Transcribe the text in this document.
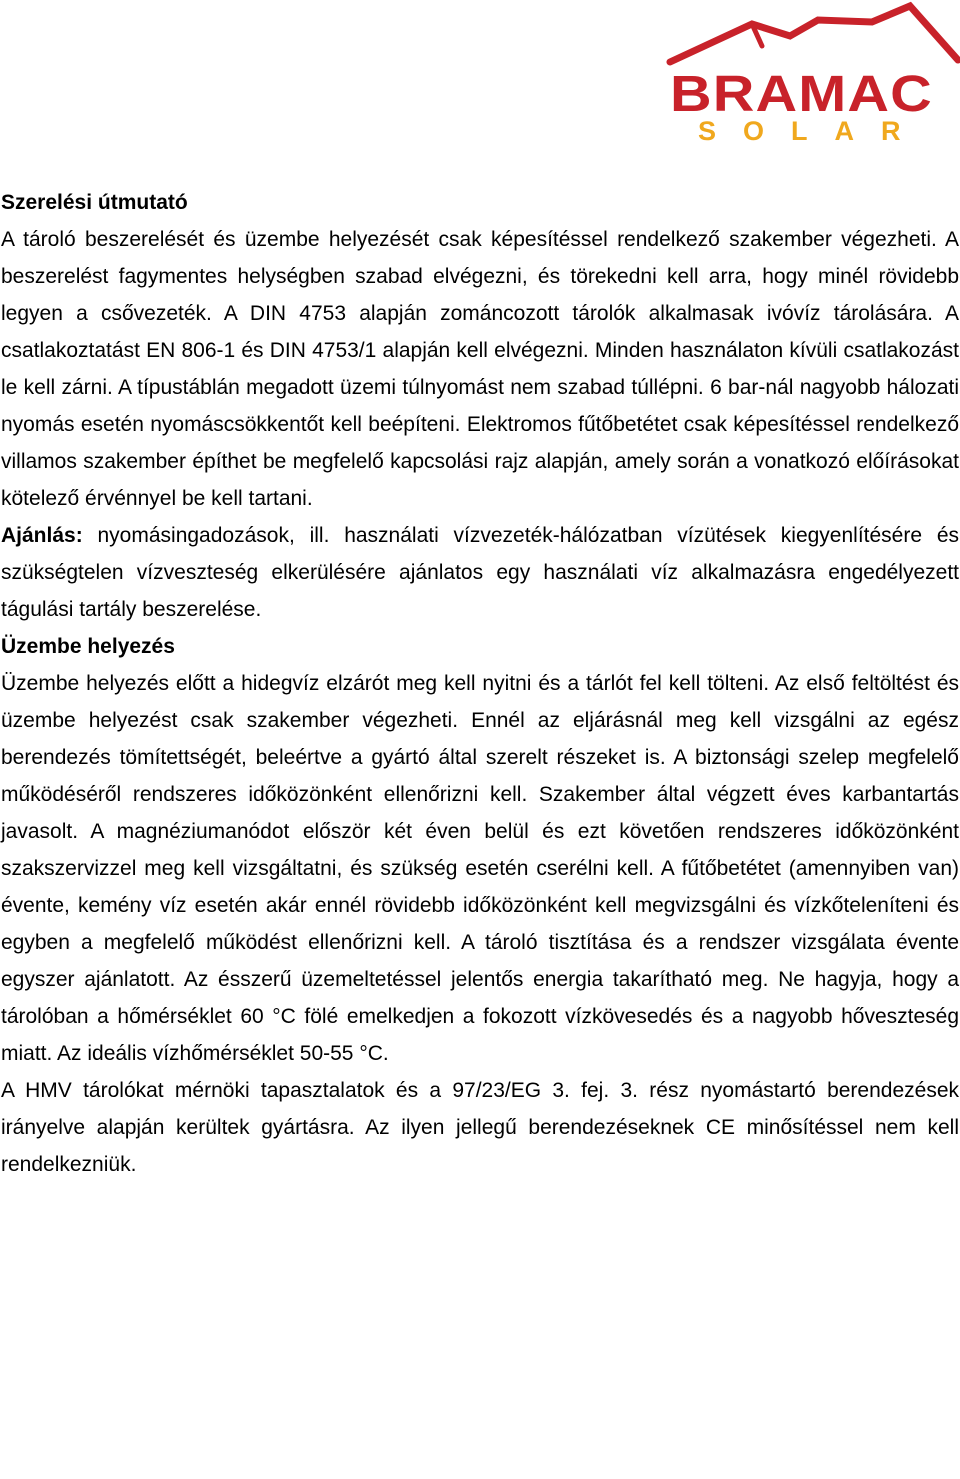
BRAMAC
SOLAR
Szerelési útmutató

A tároló beszerelését és üzembe helyezését csak képesítéssel rendelkező szakember végezheti. A beszerelést fagymentes helységben szabad elvégezni, és törekedni kell arra, hogy minél rövidebb legyen a csővezeték. A DIN 4753 alapján zománcozott tárolók alkalmasak ivóvíz tárolására. A csatlakoztatást EN 806-1 és DIN 4753/1 alapján kell elvégezni. Minden használaton kívüli csatlakozást le kell zárni. A típustáblán megadott üzemi túlnyomást nem szabad túllépni. 6 bar-nál nagyobb hálozati nyomás esetén nyomáscsökkentőt kell beépíteni. Elektromos fűtőbetétet csak képesítéssel rendelkező villamos szakember építhet be megfelelő kapcsolási rajz alapján, amely során a vonatkozó előírásokat kötelező érvénnyel be kell tartani.

Ajánlás: nyomásingadozások, ill. használati vízvezeték-hálózatban vízütések kiegyenlítésére és szükségtelen vízveszteség elkerülésére ajánlatos egy használati víz alkalmazásra engedélyezett tágulási tartály beszerelése.

Üzembe helyezés

Üzembe helyezés előtt a hidegvíz elzárót meg kell nyitni és a tárlót fel kell tölteni. Az első feltöltést és üzembe helyezést csak szakember végezheti. Ennél az eljárásnál meg kell vizsgálni az egész berendezés tömítettségét, beleértve a gyártó által szerelt részeket is. A biztonsági szelep megfelelő működéséről rendszeres időközönként ellenőrizni kell. Szakember által végzett éves karbantartás javasolt. A magnéziumanódot először két éven belül és ezt követően rendszeres időközönként szakszervizzel meg kell vizsgáltatni, és szükség esetén cserélni kell. A fűtőbetétet (amennyiben van) évente, kemény víz esetén akár ennél rövidebb időközönként kell megvizsgálni és vízkőteleníteni és egyben a megfelelő működést ellenőrizni kell. A tároló tisztítása és a rendszer vizsgálata évente egyszer ajánlatott. Az ésszerű üzemeltetéssel jelentős energia takarítható meg. Ne hagyja, hogy a tárolóban a hőmérséklet 60 °C fölé emelkedjen a fokozott vízkövesedés és a nagyobb hőveszteség miatt. Az ideális vízhőmérséklet 50-55 °C.

A HMV tárolókat mérnöki tapasztalatok és a 97/23/EG 3. fej. 3. rész nyomástartó berendezések irányelve alapján kerültek gyártásra. Az ilyen jellegű berendezéseknek CE minősítéssel nem kell rendelkezniük.
